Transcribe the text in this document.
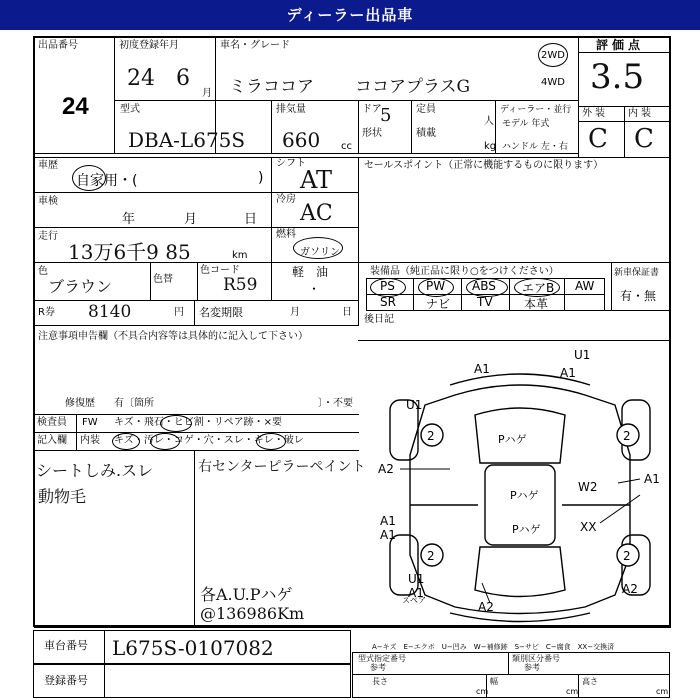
ディーラー出品車
出品番号
24
初度登録年月
24 6
月
車名・グレード
ミラココア ココアプラスG
2WD
4WD
評価点
3.5
型式
DBA-L675S
排気量
660 cc
ドア
5
形状
定員
人
積載
kg
ディーラー・並行
モデル 年式
ハンドル 左・右
外装 内装
C C
車歴
自家用・(	)
シフト
AT
車検
年	月	日
冷房
AC
走行
13万6千9 85	km
燃料
ガソリン
軽　油
・
色
ブラウン	色替
色コード
R59
R券 8140	円 名変期限	月	日
注意事項申告欄（不具合内容等は具体的に記入して下さい）
修復歴 有〔箇所	〕・不要
検査員
記入欄
FW キズ・飛石・ヒビ割・リペア跡・×要
内装 キズ・汚レ・コゲ・穴・スレ・キレ・破レ
シートしみ.スレ
動物毛
右センターピラーペイント
各A.U.Pハゲ
@136986Km
セールスポイント（正常に機能するものに限ります）
装備品（純正品に限り○をつけください）	新車保証書
有・無
PS	PW ABS エアB AW
SR	ナビ TV	本革
後日記
2	2
2	2
A1	A1
U1
U1
A2
A1
A1
W2
A1
XX
U1
A1	A2
A2
Pハゲ
Pハゲ
Pハゲ
スペア
車台番号 L675S-0107082
登録番号
A−キズ　E−エクボ　U−凹み　W−補修跡　S−サビ　C−腐食　XX−交換済
型式指定番号
参考
類別区分番号
参考
長さ
cm
幅
cm
高さ
cm
